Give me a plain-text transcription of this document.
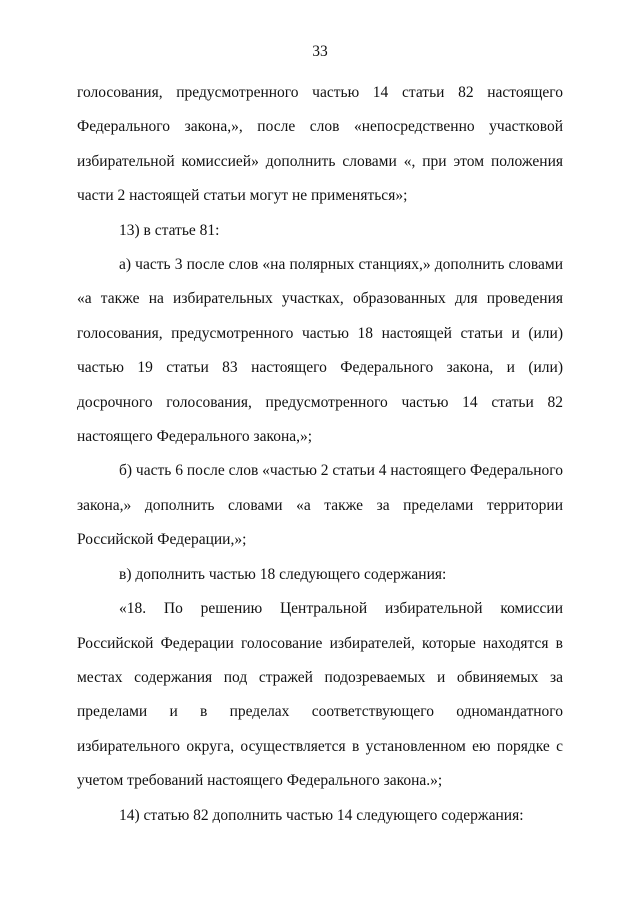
33

голосования, предусмотренного частью 14 статьи 82 настоящего Федерального закона,», после слов «непосредственно участковой избирательной комиссией» дополнить словами «, при этом положения части 2 настоящей статьи могут не применяться»;

13) в статье 81:

а) часть 3 после слов «на полярных станциях,» дополнить словами «а также на избирательных участках, образованных для проведения голосования, предусмотренного частью 18 настоящей статьи и (или) частью 19 статьи 83 настоящего Федерального закона, и (или) досрочного голосования, предусмотренного частью 14 статьи 82 настоящего Федерального закона,»;

б) часть 6 после слов «частью 2 статьи 4 настоящего Федерального закона,» дополнить словами «а также за пределами территории Российской Федерации,»;

в) дополнить частью 18 следующего содержания:

«18. По решению Центральной избирательной комиссии Российской Федерации голосование избирателей, которые находятся в местах содержания под стражей подозреваемых и обвиняемых за пределами и в пределах соответствующего одномандатного избирательного округа, осуществляется в установленном ею порядке с учетом требований настоящего Федерального закона.»;

14) статью 82 дополнить частью 14 следующего содержания:
